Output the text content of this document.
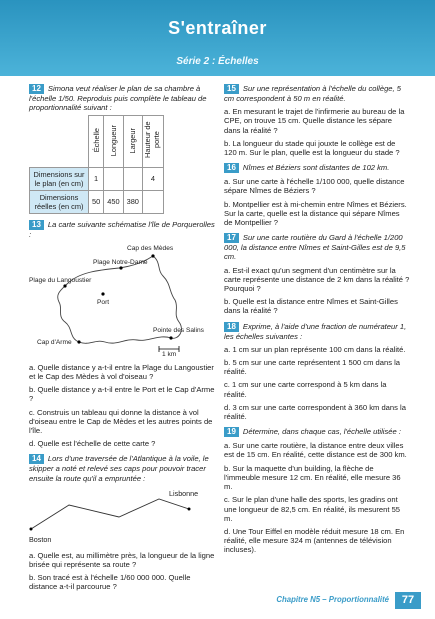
S'entraîner
Série 2 : Échelles
12 Simona veut réaliser le plan de sa chambre à l'échelle 1/50. Reproduis puis complète le tableau de proportionnalité suivant :
	Échelle	Longueur	Largeur	Hauteur de porte
Dimensions sur le plan (en cm)	1			4
Dimensions réelles (en cm)	50	450	380	
13 La carte suivante schématise l'île de Porquerolles :
Cap des Mèdes
Plage Notre-Dame
Plage du Langoustier
Port
Cap d'Arme
Pointe des Salins
1 km
a. Quelle distance y a-t-il entre la Plage du Langoustier et le Cap des Mèdes à vol d'oiseau ?
b. Quelle distance y a-t-il entre le Port et le Cap d'Arme ?
c. Construis un tableau qui donne la distance à vol d'oiseau entre le Cap de Mèdes et les autres points de l'île.
d. Quelle est l'échelle de cette carte ?
14 Lors d'une traversée de l'Atlantique à la voile, le skipper a noté et relevé ses caps pour pouvoir tracer ensuite la route qu'il a empruntée :
Lisbonne
Boston
a. Quelle est, au millimètre près, la longueur de la ligne brisée qui représente sa route ?
b. Son tracé est à l'échelle 1/60 000 000. Quelle distance a-t-il parcourue ?
15 Sur une représentation à l'échelle du collège, 5 cm correspondent à 50 m en réalité.
a. En mesurant le trajet de l'infirmerie au bureau de la CPE, on trouve 15 cm. Quelle distance les sépare dans la réalité ?
b. La longueur du stade qui jouxte le collège est de 120 m. Sur le plan, quelle est la longueur du stade ?
16 Nîmes et Béziers sont distantes de 102 km.
a. Sur une carte à l'échelle 1/100 000, quelle distance sépare Nîmes de Béziers ?
b. Montpellier est à mi-chemin entre Nîmes et Béziers. Sur la carte, quelle est la distance qui sépare Nîmes de Montpellier ?
17 Sur une carte routière du Gard à l'échelle 1/200 000, la distance entre Nîmes et Saint-Gilles est de 9,5 cm.
a. Est-il exact qu'un segment d'un centimètre sur la carte représente une distance de 2 km dans la réalité ? Pourquoi ?
b. Quelle est la distance entre Nîmes et Saint-Gilles dans la réalité ?
18 Exprime, à l'aide d'une fraction de numérateur 1, les échelles suivantes :
a. 1 cm sur un plan représente 100 cm dans la réalité.
b. 5 cm sur une carte représentent 1 500 cm dans la réalité.
c. 1 cm sur une carte correspond à 5 km dans la réalité.
d. 3 cm sur une carte correspondent à 360 km dans la réalité.
19 Détermine, dans chaque cas, l'échelle utilisée :
a. Sur une carte routière, la distance entre deux villes est de 15 cm. En réalité, cette distance est de 300 km.
b. Sur la maquette d'un building, la flèche de l'immeuble mesure 12 cm. En réalité, elle mesure 36 m.
c. Sur le plan d'une halle des sports, les gradins ont une longueur de 82,5 cm. En réalité, ils mesurent 55 m.
d. Une Tour Eiffel en modèle réduit mesure 18 cm. En réalité, elle mesure 324 m (antennes de télévision incluses).
Chapitre N5 – Proportionnalité	77
